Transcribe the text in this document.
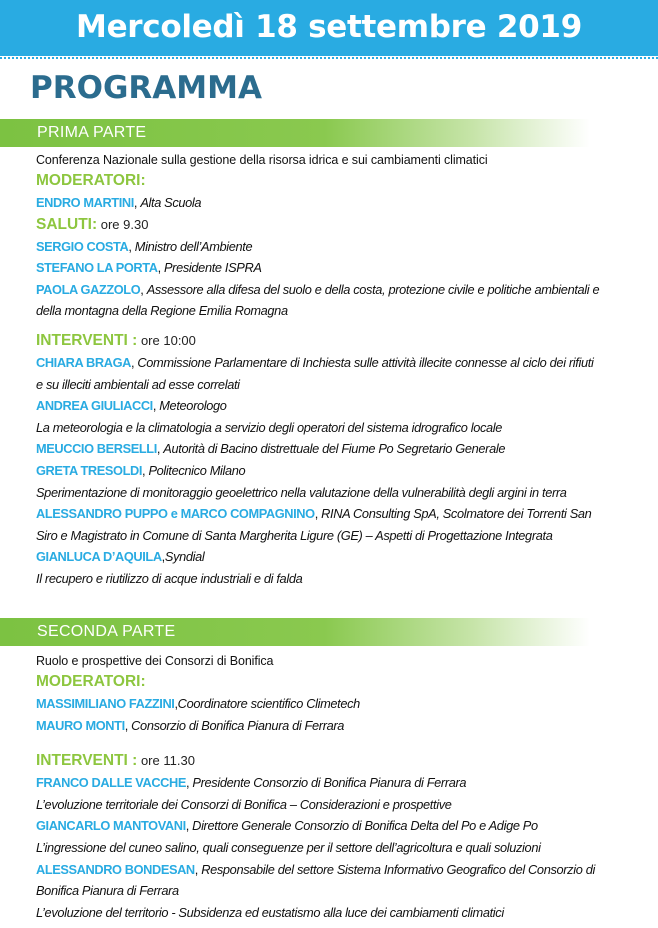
Mercoledì 18 settembre 2019
PROGRAMMA
PRIMA PARTE
Conferenza Nazionale sulla gestione della risorsa idrica e sui cambiamenti climatici
MODERATORI:
ENDRO MARTINI, Alta Scuola
SALUTI: ore 9.30
SERGIO COSTA, Ministro dell’Ambiente
STEFANO LA PORTA, Presidente ISPRA
PAOLA GAZZOLO, Assessore alla difesa del suolo e della costa, protezione civile e politiche ambientali e
della montagna della Regione Emilia Romagna
INTERVENTI : ore 10:00
CHIARA BRAGA, Commissione Parlamentare di Inchiesta sulle attività illecite connesse al ciclo dei rifiuti
e su illeciti ambientali ad esse correlati
ANDREA GIULIACCI, Meteorologo
La meteorologia e la climatologia a servizio degli operatori del sistema idrografico locale
MEUCCIO BERSELLI, Autorità di Bacino distrettuale del Fiume Po Segretario Generale
GRETA TRESOLDI, Politecnico Milano
Sperimentazione di monitoraggio geoelettrico nella valutazione della vulnerabilità degli argini in terra
ALESSANDRO PUPPO e MARCO COMPAGNINO, RINA Consulting SpA, Scolmatore dei Torrenti San
Siro e Magistrato in Comune di Santa Margherita Ligure (GE) – Aspetti di Progettazione Integrata
GIANLUCA D’AQUILA,Syndial
Il recupero e riutilizzo di acque industriali e di falda
SECONDA PARTE
Ruolo e prospettive dei Consorzi di Bonifica
MODERATORI:
MASSIMILIANO FAZZINI,Coordinatore scientifico Climetech
MAURO MONTI, Consorzio di Bonifica Pianura di Ferrara
INTERVENTI : ore 11.30
FRANCO DALLE VACCHE, Presidente Consorzio di Bonifica Pianura di Ferrara
L’evoluzione territoriale dei Consorzi di Bonifica – Considerazioni e prospettive
GIANCARLO MANTOVANI, Direttore Generale Consorzio di Bonifica Delta del Po e Adige Po
L’ingressione del cuneo salino, quali conseguenze per il settore dell’agricoltura e quali soluzioni
ALESSANDRO BONDESAN, Responsabile del settore Sistema Informativo Geografico del Consorzio di
Bonifica Pianura di Ferrara
L’evoluzione del territorio - Subsidenza ed eustatismo alla luce dei cambiamenti climatici
